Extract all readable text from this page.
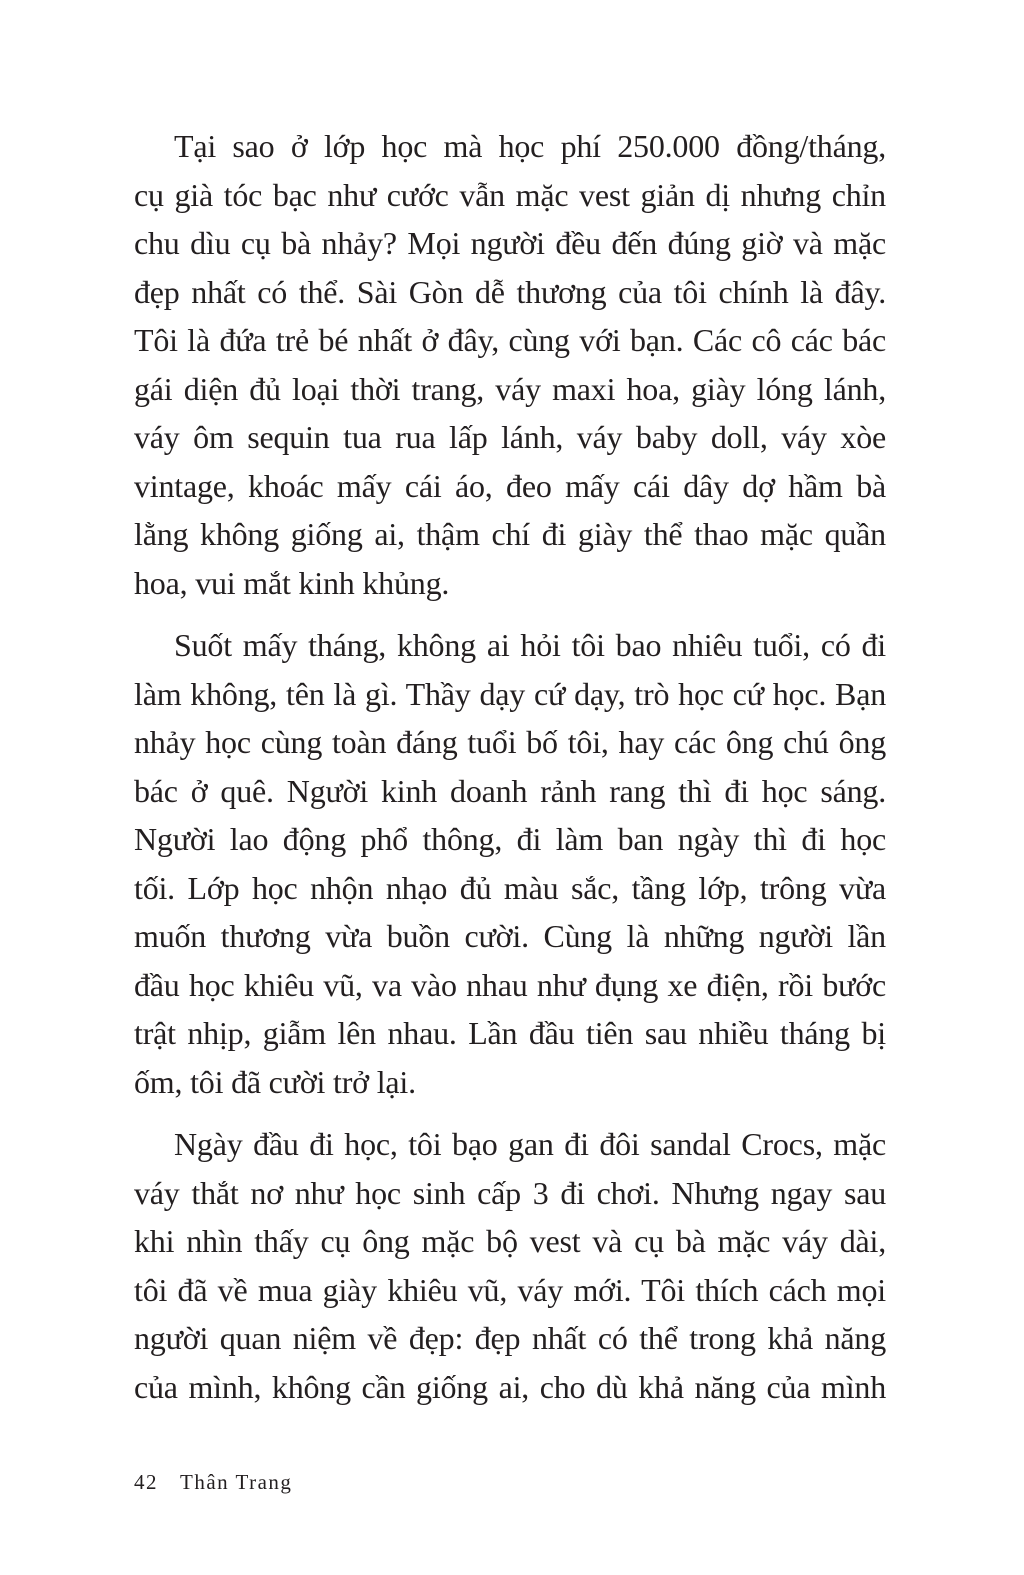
Tại sao ở lớp học mà học phí 250.000 đồng/tháng,
cụ già tóc bạc như cước vẫn mặc vest giản dị nhưng chỉn
chu dìu cụ bà nhảy? Mọi người đều đến đúng giờ và mặc
đẹp nhất có thể. Sài Gòn dễ thương của tôi chính là đây.
Tôi là đứa trẻ bé nhất ở đây, cùng với bạn. Các cô các bác
gái diện đủ loại thời trang, váy maxi hoa, giày lóng lánh,
váy ôm sequin tua rua lấp lánh, váy baby doll, váy xòe
vintage, khoác mấy cái áo, đeo mấy cái dây dợ hầm bà
lằng không giống ai, thậm chí đi giày thể thao mặc quần
hoa, vui mắt kinh khủng.
Suốt mấy tháng, không ai hỏi tôi bao nhiêu tuổi, có đi
làm không, tên là gì. Thầy dạy cứ dạy, trò học cứ học. Bạn
nhảy học cùng toàn đáng tuổi bố tôi, hay các ông chú ông
bác ở quê. Người kinh doanh rảnh rang thì đi học sáng.
Người lao động phổ thông, đi làm ban ngày thì đi học
tối. Lớp học nhộn nhạo đủ màu sắc, tầng lớp, trông vừa
muốn thương vừa buồn cười. Cùng là những người lần
đầu học khiêu vũ, va vào nhau như đụng xe điện, rồi bước
trật nhịp, giẫm lên nhau. Lần đầu tiên sau nhiều tháng bị
ốm, tôi đã cười trở lại.
Ngày đầu đi học, tôi bạo gan đi đôi sandal Crocs, mặc
váy thắt nơ như học sinh cấp 3 đi chơi. Nhưng ngay sau
khi nhìn thấy cụ ông mặc bộ vest và cụ bà mặc váy dài,
tôi đã về mua giày khiêu vũ, váy mới. Tôi thích cách mọi
người quan niệm về đẹp: đẹp nhất có thể trong khả năng
của mình, không cần giống ai, cho dù khả năng của mình
42 Thân Trang
